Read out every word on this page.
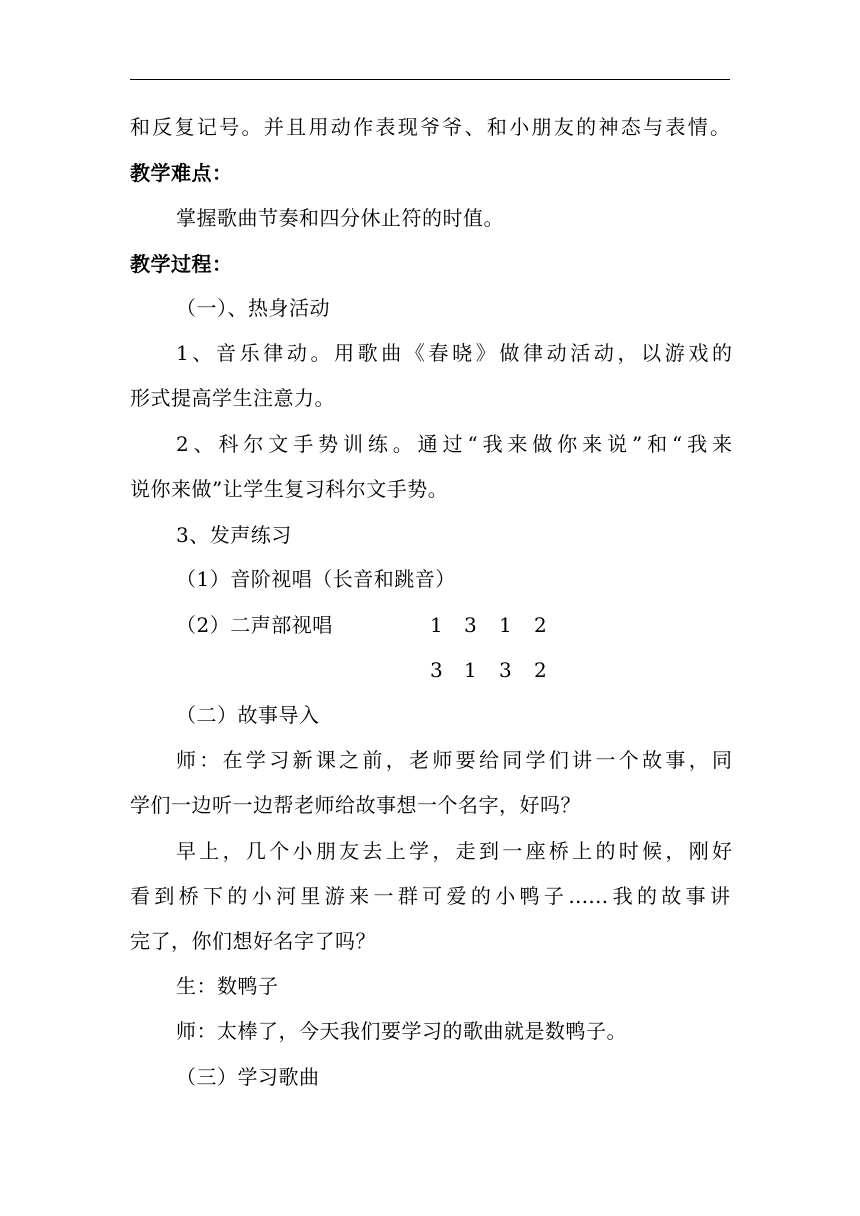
和反复记号。并且用动作表现爷爷、和小朋友的神态与表情。
教学难点：
掌握歌曲节奏和四分休止符的时值。
教学过程：
（一）、热身活动
1、音乐律动。用歌曲《春晓》做律动活动，以游戏的
形式提高学生注意力。
2、科尔文手势训练。通过“我来做你来说”和“我来
说你来做”让学生复习科尔文手势。
3、发声练习
（1）音阶视唱（长音和跳音）
（2）二声部视唱	1 3 1 2
3 1 3 2
（二）故事导入
师：在学习新课之前，老师要给同学们讲一个故事，同
学们一边听一边帮老师给故事想一个名字，好吗？
早上，几个小朋友去上学，走到一座桥上的时候，刚好
看到桥下的小河里游来一群可爱的小鸭子……我的故事讲
完了，你们想好名字了吗？
生：数鸭子
师：太棒了，今天我们要学习的歌曲就是数鸭子。
（三）学习歌曲
